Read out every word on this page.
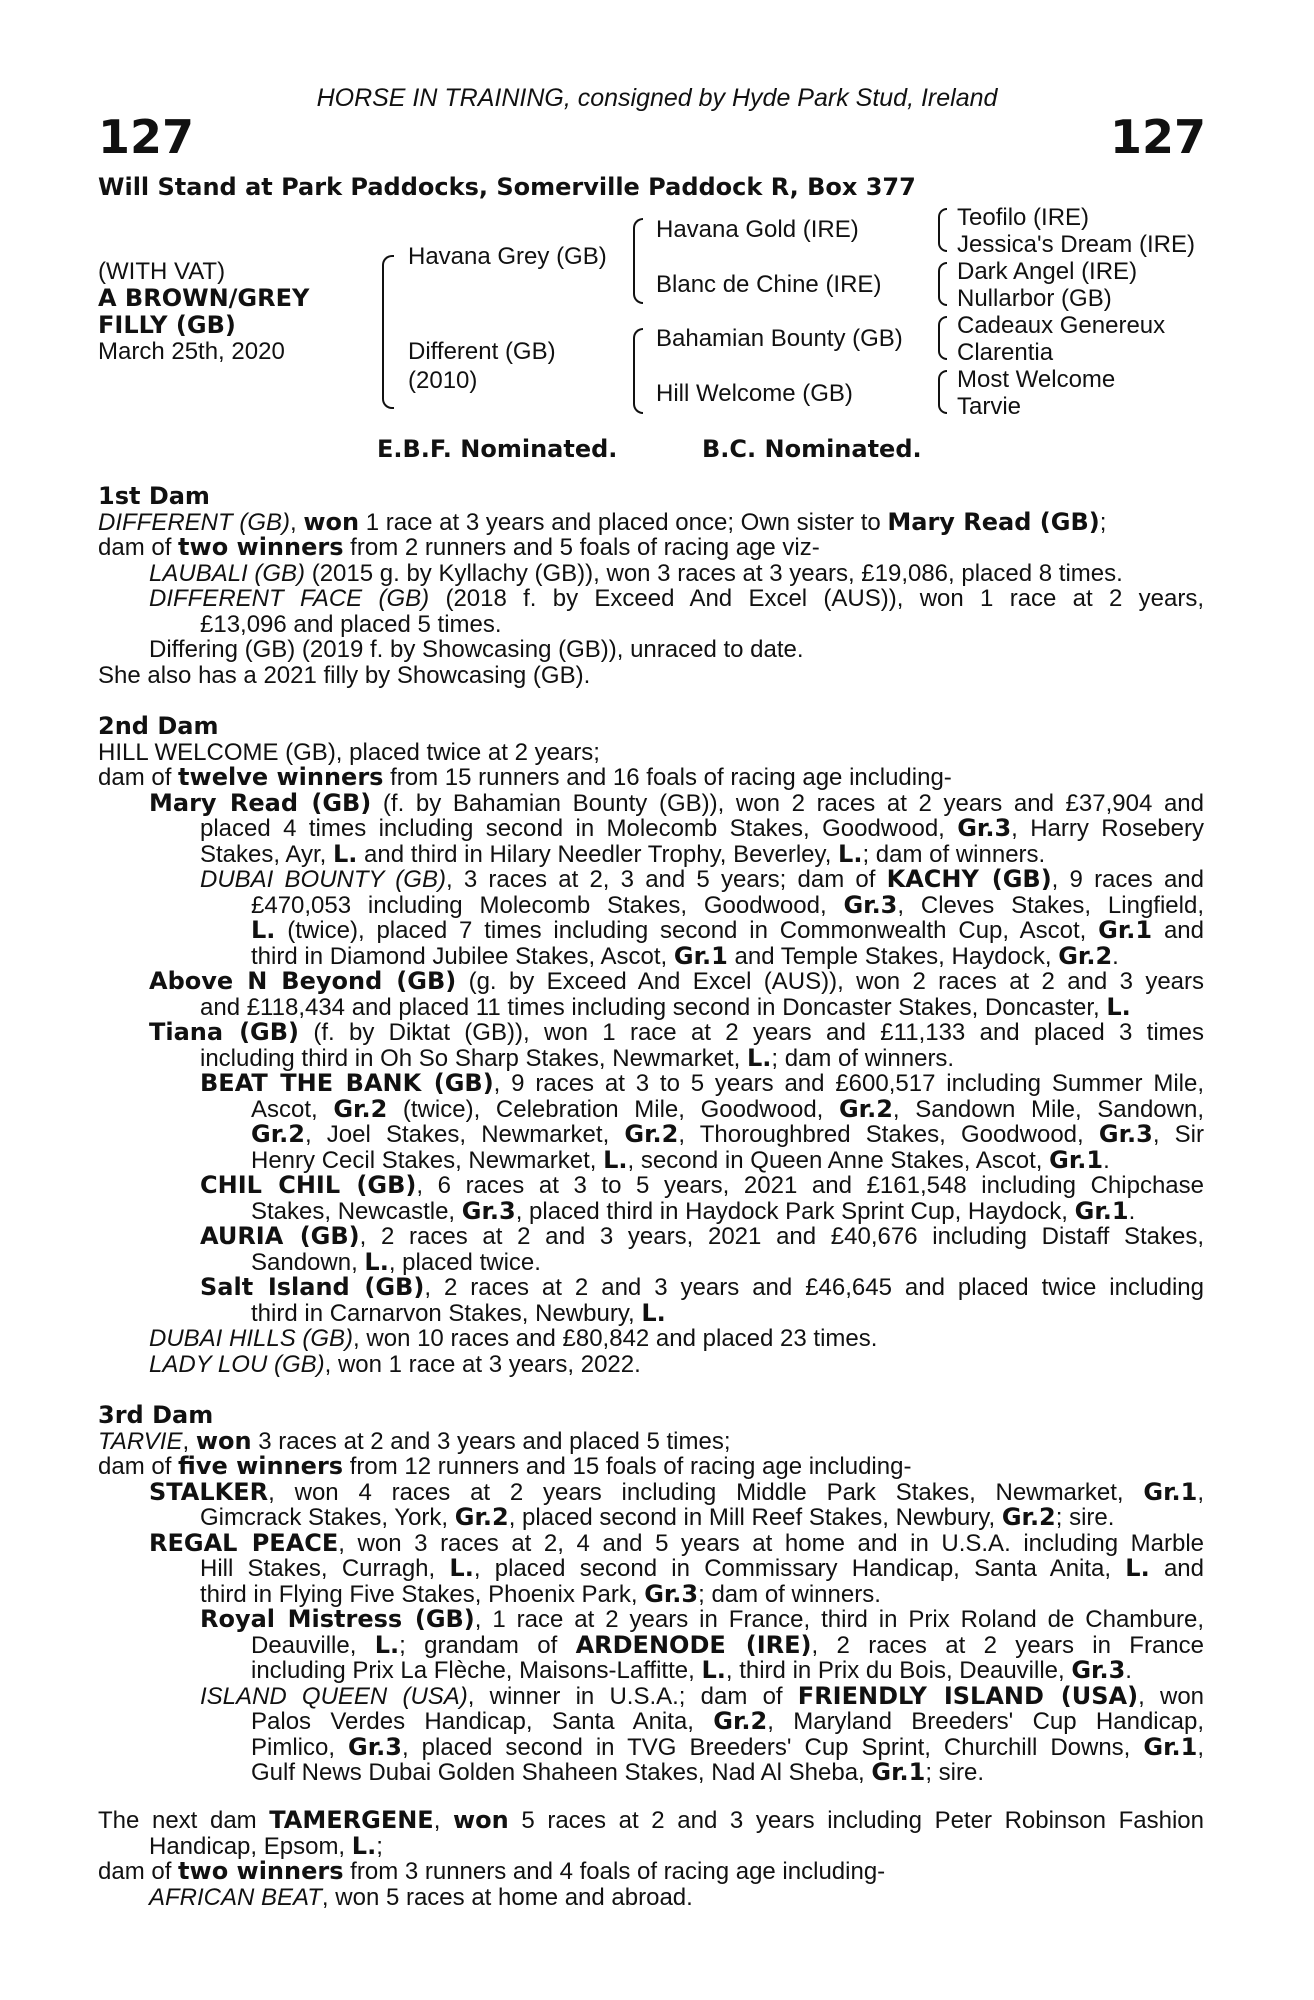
HORSE IN TRAINING, consigned by Hyde Park Stud, Ireland
127	127
Will Stand at Park Paddocks, Somerville Paddock R, Box 377
(WITH VAT)
A BROWN/GREY
FILLY (GB)
March 25th, 2020
Havana Grey (GB)
Different (GB)
(2010)
Havana Gold (IRE)
Blanc de Chine (IRE)
Bahamian Bounty (GB)
Hill Welcome (GB)
Teofilo (IRE)
Jessica's Dream (IRE)
Dark Angel (IRE)
Nullarbor (GB)
Cadeaux Genereux
Clarentia
Most Welcome
Tarvie
E.B.F. Nominated.	B.C. Nominated.
1st Dam
DIFFERENT (GB), won 1 race at 3 years and placed once; Own sister to Mary Read (GB);
dam of two winners from 2 runners and 5 foals of racing age viz-
LAUBALI (GB) (2015 g. by Kyllachy (GB)), won 3 races at 3 years, £19,086, placed 8 times.
DIFFERENT FACE (GB) (2018 f. by Exceed And Excel (AUS)), won 1 race at 2 years,
£13,096 and placed 5 times.
Differing (GB) (2019 f. by Showcasing (GB)), unraced to date.
She also has a 2021 filly by Showcasing (GB).
2nd Dam
HILL WELCOME (GB), placed twice at 2 years;
dam of twelve winners from 15 runners and 16 foals of racing age including-
Mary Read (GB) (f. by Bahamian Bounty (GB)), won 2 races at 2 years and £37,904 and
placed 4 times including second in Molecomb Stakes, Goodwood, Gr.3, Harry Rosebery
Stakes, Ayr, L. and third in Hilary Needler Trophy, Beverley, L.; dam of winners.
DUBAI BOUNTY (GB), 3 races at 2, 3 and 5 years; dam of KACHY (GB), 9 races and
£470,053 including Molecomb Stakes, Goodwood, Gr.3, Cleves Stakes, Lingfield,
L. (twice), placed 7 times including second in Commonwealth Cup, Ascot, Gr.1 and
third in Diamond Jubilee Stakes, Ascot, Gr.1 and Temple Stakes, Haydock, Gr.2.
Above N Beyond (GB) (g. by Exceed And Excel (AUS)), won 2 races at 2 and 3 years
and £118,434 and placed 11 times including second in Doncaster Stakes, Doncaster, L.
Tiana (GB) (f. by Diktat (GB)), won 1 race at 2 years and £11,133 and placed 3 times
including third in Oh So Sharp Stakes, Newmarket, L.; dam of winners.
BEAT THE BANK (GB), 9 races at 3 to 5 years and £600,517 including Summer Mile,
Ascot, Gr.2 (twice), Celebration Mile, Goodwood, Gr.2, Sandown Mile, Sandown,
Gr.2, Joel Stakes, Newmarket, Gr.2, Thoroughbred Stakes, Goodwood, Gr.3, Sir
Henry Cecil Stakes, Newmarket, L., second in Queen Anne Stakes, Ascot, Gr.1.
CHIL CHIL (GB), 6 races at 3 to 5 years, 2021 and £161,548 including Chipchase
Stakes, Newcastle, Gr.3, placed third in Haydock Park Sprint Cup, Haydock, Gr.1.
AURIA (GB), 2 races at 2 and 3 years, 2021 and £40,676 including Distaff Stakes,
Sandown, L., placed twice.
Salt Island (GB), 2 races at 2 and 3 years and £46,645 and placed twice including
third in Carnarvon Stakes, Newbury, L.
DUBAI HILLS (GB), won 10 races and £80,842 and placed 23 times.
LADY LOU (GB), won 1 race at 3 years, 2022.
3rd Dam
TARVIE, won 3 races at 2 and 3 years and placed 5 times;
dam of five winners from 12 runners and 15 foals of racing age including-
STALKER, won 4 races at 2 years including Middle Park Stakes, Newmarket, Gr.1,
Gimcrack Stakes, York, Gr.2, placed second in Mill Reef Stakes, Newbury, Gr.2; sire.
REGAL PEACE, won 3 races at 2, 4 and 5 years at home and in U.S.A. including Marble
Hill Stakes, Curragh, L., placed second in Commissary Handicap, Santa Anita, L. and
third in Flying Five Stakes, Phoenix Park, Gr.3; dam of winners.
Royal Mistress (GB), 1 race at 2 years in France, third in Prix Roland de Chambure,
Deauville, L.; grandam of ARDENODE (IRE), 2 races at 2 years in France
including Prix La Flèche, Maisons-Laffitte, L., third in Prix du Bois, Deauville, Gr.3.
ISLAND QUEEN (USA), winner in U.S.A.; dam of FRIENDLY ISLAND (USA), won
Palos Verdes Handicap, Santa Anita, Gr.2, Maryland Breeders' Cup Handicap,
Pimlico, Gr.3, placed second in TVG Breeders' Cup Sprint, Churchill Downs, Gr.1,
Gulf News Dubai Golden Shaheen Stakes, Nad Al Sheba, Gr.1; sire.
The next dam TAMERGENE, won 5 races at 2 and 3 years including Peter Robinson Fashion
Handicap, Epsom, L.;
dam of two winners from 3 runners and 4 foals of racing age including-
AFRICAN BEAT, won 5 races at home and abroad.
